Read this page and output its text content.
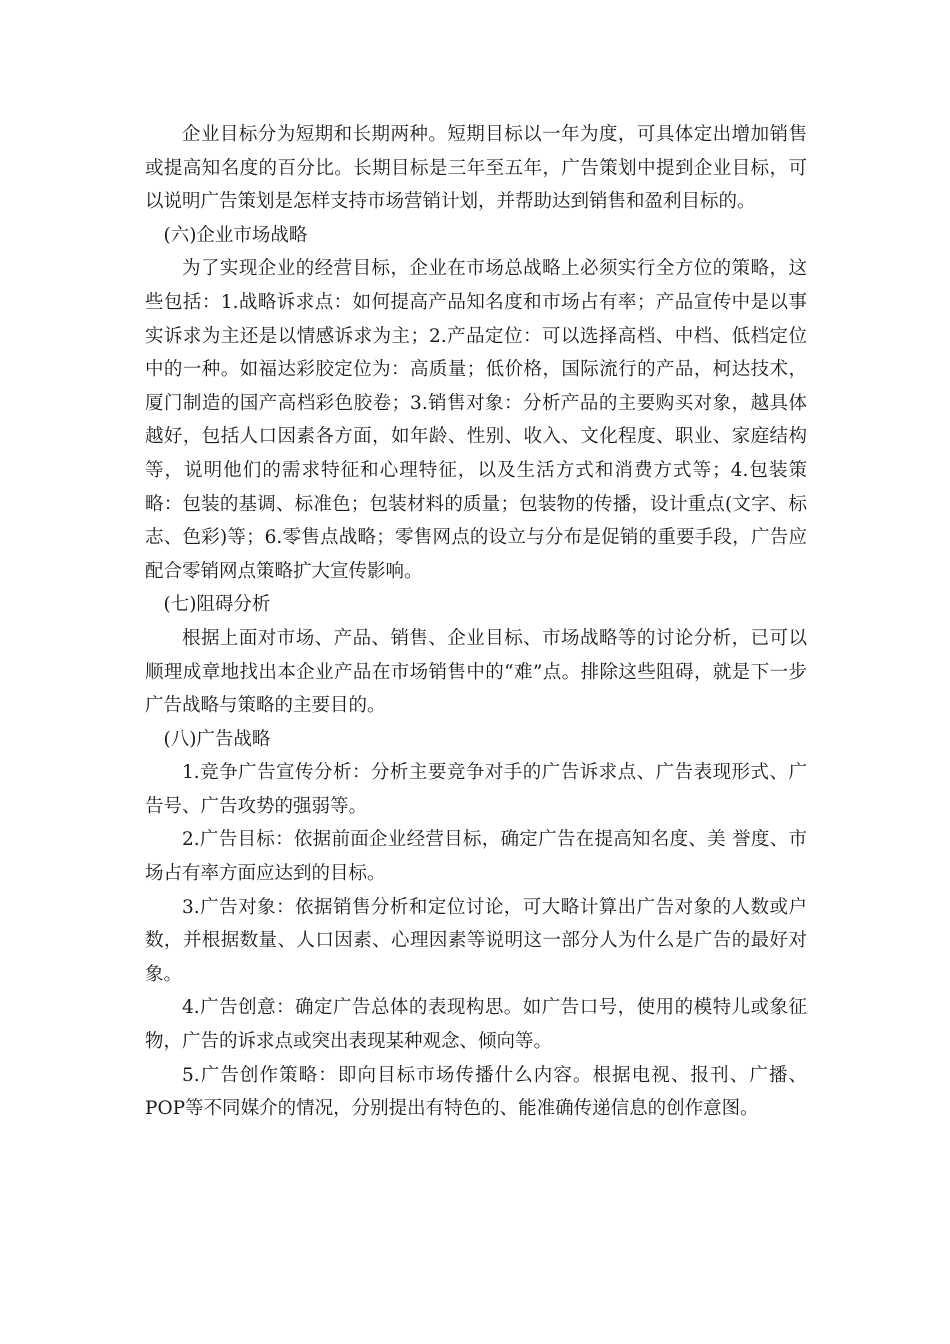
企业目标分为短期和长期两种。短期目标以一年为度，可具体定出增加销售或提高知名度的百分比。长期目标是三年至五年，广告策划中提到企业目标，可以说明广告策划是怎样支持市场营销计划，并帮助达到销售和盈利目标的。

(六)企业市场战略

为了实现企业的经营目标，企业在市场总战略上必须实行全方位的策略，这些包括：1.战略诉求点：如何提高产品知名度和市场占有率；产品宣传中是以事实诉求为主还是以情感诉求为主；2.产品定位：可以选择高档、中档、低档定位中的一种。如福达彩胶定位为：高质量；低价格，国际流行的产品，柯达技术，厦门制造的国产高档彩色胶卷；3.销售对象：分析产品的主要购买对象，越具体越好，包括人口因素各方面，如年龄、性别、收入、文化程度、职业、家庭结构等，说明他们的需求特征和心理特征，以及生活方式和消费方式等；4.包装策略：包装的基调、标准色；包装材料的质量；包装物的传播，设计重点(文字、标志、色彩)等；6.零售点战略；零售网点的设立与分布是促销的重要手段，广告应配合零销网点策略扩大宣传影响。

(七)阻碍分析

根据上面对市场、产品、销售、企业目标、市场战略等的讨论分析，已可以顺理成章地找出本企业产品在市场销售中的“难”点。排除这些阻碍，就是下一步广告战略与策略的主要目的。

(八)广告战略

1.竞争广告宣传分析：分析主要竞争对手的广告诉求点、广告表现形式、广告号、广告攻势的强弱等。

2.广告目标：依据前面企业经营目标，确定广告在提高知名度、美 誉度、市场占有率方面应达到的目标。

3.广告对象：依据销售分析和定位讨论，可大略计算出广告对象的人数或户数，并根据数量、人口因素、心理因素等说明这一部分人为什么是广告的最好对象。

4.广告创意：确定广告总体的表现构思。如广告口号，使用的模特儿或象征物，广告的诉求点或突出表现某种观念、倾向等。

5.广告创作策略：即向目标市场传播什么内容。根据电视、报刊、广播、POP等不同媒介的情况，分别提出有特色的、能准确传递信息的创作意图。
